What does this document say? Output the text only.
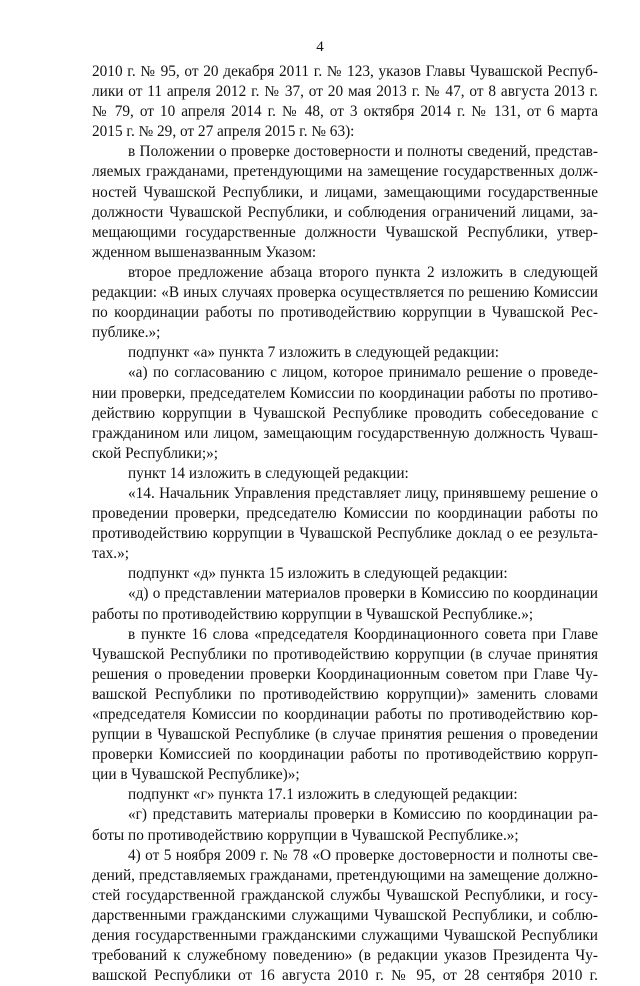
4
2010 г. № 95, от 20 декабря 2011 г. № 123, указов Главы Чувашской Респуб-
лики от 11 апреля 2012 г. № 37, от 20 мая 2013 г. № 47, от 8 августа 2013 г.
№ 79, от 10 апреля 2014 г. № 48, от 3 октября 2014 г. № 131, от 6 марта
2015 г. № 29, от 27 апреля 2015 г. № 63):
в Положении о проверке достоверности и полноты сведений, представ-
ляемых гражданами, претендующими на замещение государственных долж-
ностей Чувашской Республики, и лицами, замещающими государственные
должности Чувашской Республики, и соблюдения ограничений лицами, за-
мещающими государственные должности Чувашской Республики, утвер-
жденном вышеназванным Указом:
второе предложение абзаца второго пункта 2 изложить в следующей
редакции: «В иных случаях проверка осуществляется по решению Комиссии
по координации работы по противодействию коррупции в Чувашской Рес-
публике.»;
подпункт «а» пункта 7 изложить в следующей редакции:
«а) по согласованию с лицом, которое принимало решение о проведе-
нии проверки, председателем Комиссии по координации работы по противо-
действию коррупции в Чувашской Республике проводить собеседование с
гражданином или лицом, замещающим государственную должность Чуваш-
ской Республики;»;
пункт 14 изложить в следующей редакции:
«14. Начальник Управления представляет лицу, принявшему решение о
проведении проверки, председателю Комиссии по координации работы по
противодействию коррупции в Чувашской Республике доклад о ее результа-
тах.»;
подпункт «д» пункта 15 изложить в следующей редакции:
«д) о представлении материалов проверки в Комиссию по координации
работы по противодействию коррупции в Чувашской Республике.»;
в пункте 16 слова «председателя Координационного совета при Главе
Чувашской Республики по противодействию коррупции (в случае принятия
решения о проведении проверки Координационным советом при Главе Чу-
вашской Республики по противодействию коррупции)» заменить словами
«председателя Комиссии по координации работы по противодействию кор-
рупции в Чувашской Республике (в случае принятия решения о проведении
проверки Комиссией по координации работы по противодействию корруп-
ции в Чувашской Республике)»;
подпункт «г» пункта 17.1 изложить в следующей редакции:
«г) представить материалы проверки в Комиссию по координации ра-
боты по противодействию коррупции в Чувашской Республике.»;
4) от 5 ноября 2009 г. № 78 «О проверке достоверности и полноты све-
дений, представляемых гражданами, претендующими на замещение должно-
стей государственной гражданской службы Чувашской Республики, и госу-
дарственными гражданскими служащими Чувашской Республики, и соблю-
дения государственными гражданскими служащими Чувашской Республики
требований к служебному поведению» (в редакции указов Президента Чу-
вашской Республики от 16 августа 2010 г. № 95, от 28 сентября 2010 г.
